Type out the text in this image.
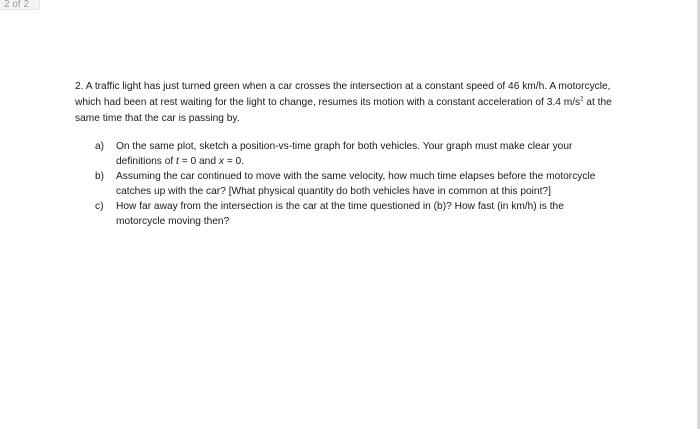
2 of 2

2. A traffic light has just turned green when a car crosses the intersection at a constant speed of 46 km/h. A motorcycle, which had been at rest waiting for the light to change, resumes its motion with a constant acceleration of 3.4 $m/s^2$ at the same time that the car is passing by.

a)	On the same plot, sketch a position-vs-time graph for both vehicles. Your graph must make clear your definitions of t = 0 and x = 0.
b)	Assuming the car continued to move with the same velocity, how much time elapses before the motorcycle catches up with the car? [What physical quantity do both vehicles have in common at this point?]
c)	How far away from the intersection is the car at the time questioned in (b)? How fast (in km/h) is the motorcycle moving then?
